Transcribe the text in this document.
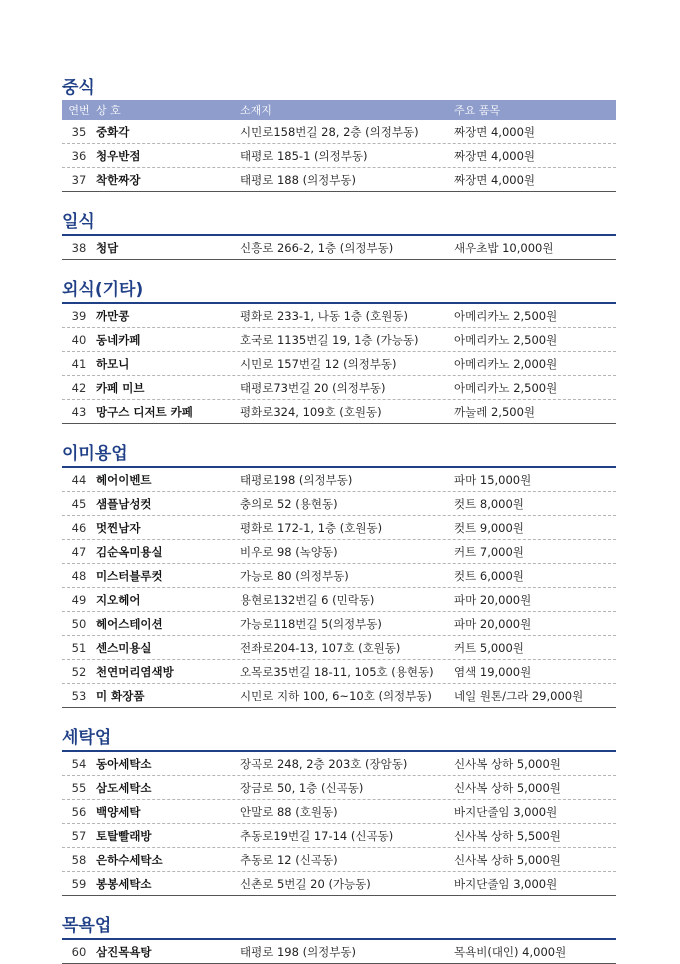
중식
연번 상 호	소재지	주요 품목
35 중화각	시민로158번길 28, 2층 (의정부동)	짜장면 4,000원
36 청우반점	태평로 185-1 (의정부동)	짜장면 4,000원
37 착한짜장	태평로 188 (의정부동)	짜장면 4,000원
일식
38 청담	신흥로 266-2, 1층 (의정부동)	새우초밥 10,000원
외식(기타)
39 까만콩	평화로 233-1, 나동 1층 (호원동)	아메리카노 2,500원
40 동네카페	호국로 1135번길 19, 1층 (가능동)	아메리카노 2,500원
41 하모니	시민로 157번길 12 (의정부동)	아메리카노 2,000원
42 카페 미브	태평로73번길 20 (의정부동)	아메리카노 2,500원
43 망구스 디저트 카페	평화로324, 109호 (호원동)	까눌레 2,500원
이미용업
44 헤어이벤트	태평로198 (의정부동)	파마 15,000원
45 샘플남성컷	충의로 52 (용현동)	컷트 8,000원
46 멋찐남자	평화로 172-1, 1층 (호원동)	컷트 9,000원
47 김순옥미용실	비우로 98 (녹양동)	커트 7,000원
48 미스터블루컷	가능로 80 (의정부동)	컷트 6,000원
49 지오헤어	용현로132번길 6 (민락동)	파마 20,000원
50 헤어스테이션	가능로118번길 5(의정부동)	파마 20,000원
51 센스미용실	전좌로204-13, 107호 (호원동)	커트 5,000원
52 천연머리염색방	오목로35번길 18-11, 105호 (용현동)	염색 19,000원
53 미 화장품	시민로 지하 100, 6~10호 (의정부동)	네일 원톤/그라 29,000원
세탁업
54 동아세탁소	장곡로 248, 2층 203호 (장암동)	신사복 상하 5,000원
55 삼도세탁소	장금로 50, 1층 (신곡동)	신사복 상하 5,000원
56 백양세탁	안말로 88 (호원동)	바지단줄임 3,000원
57 토탈빨래방	추동로19번길 17-14 (신곡동)	신사복 상하 5,500원
58 은하수세탁소	추동로 12 (신곡동)	신사복 상하 5,000원
59 봉봉세탁소	신촌로 5번길 20 (가능동)	바지단줄임 3,000원
목욕업
60 삼진목욕탕	태평로 198 (의정부동)	목욕비(대인) 4,000원
